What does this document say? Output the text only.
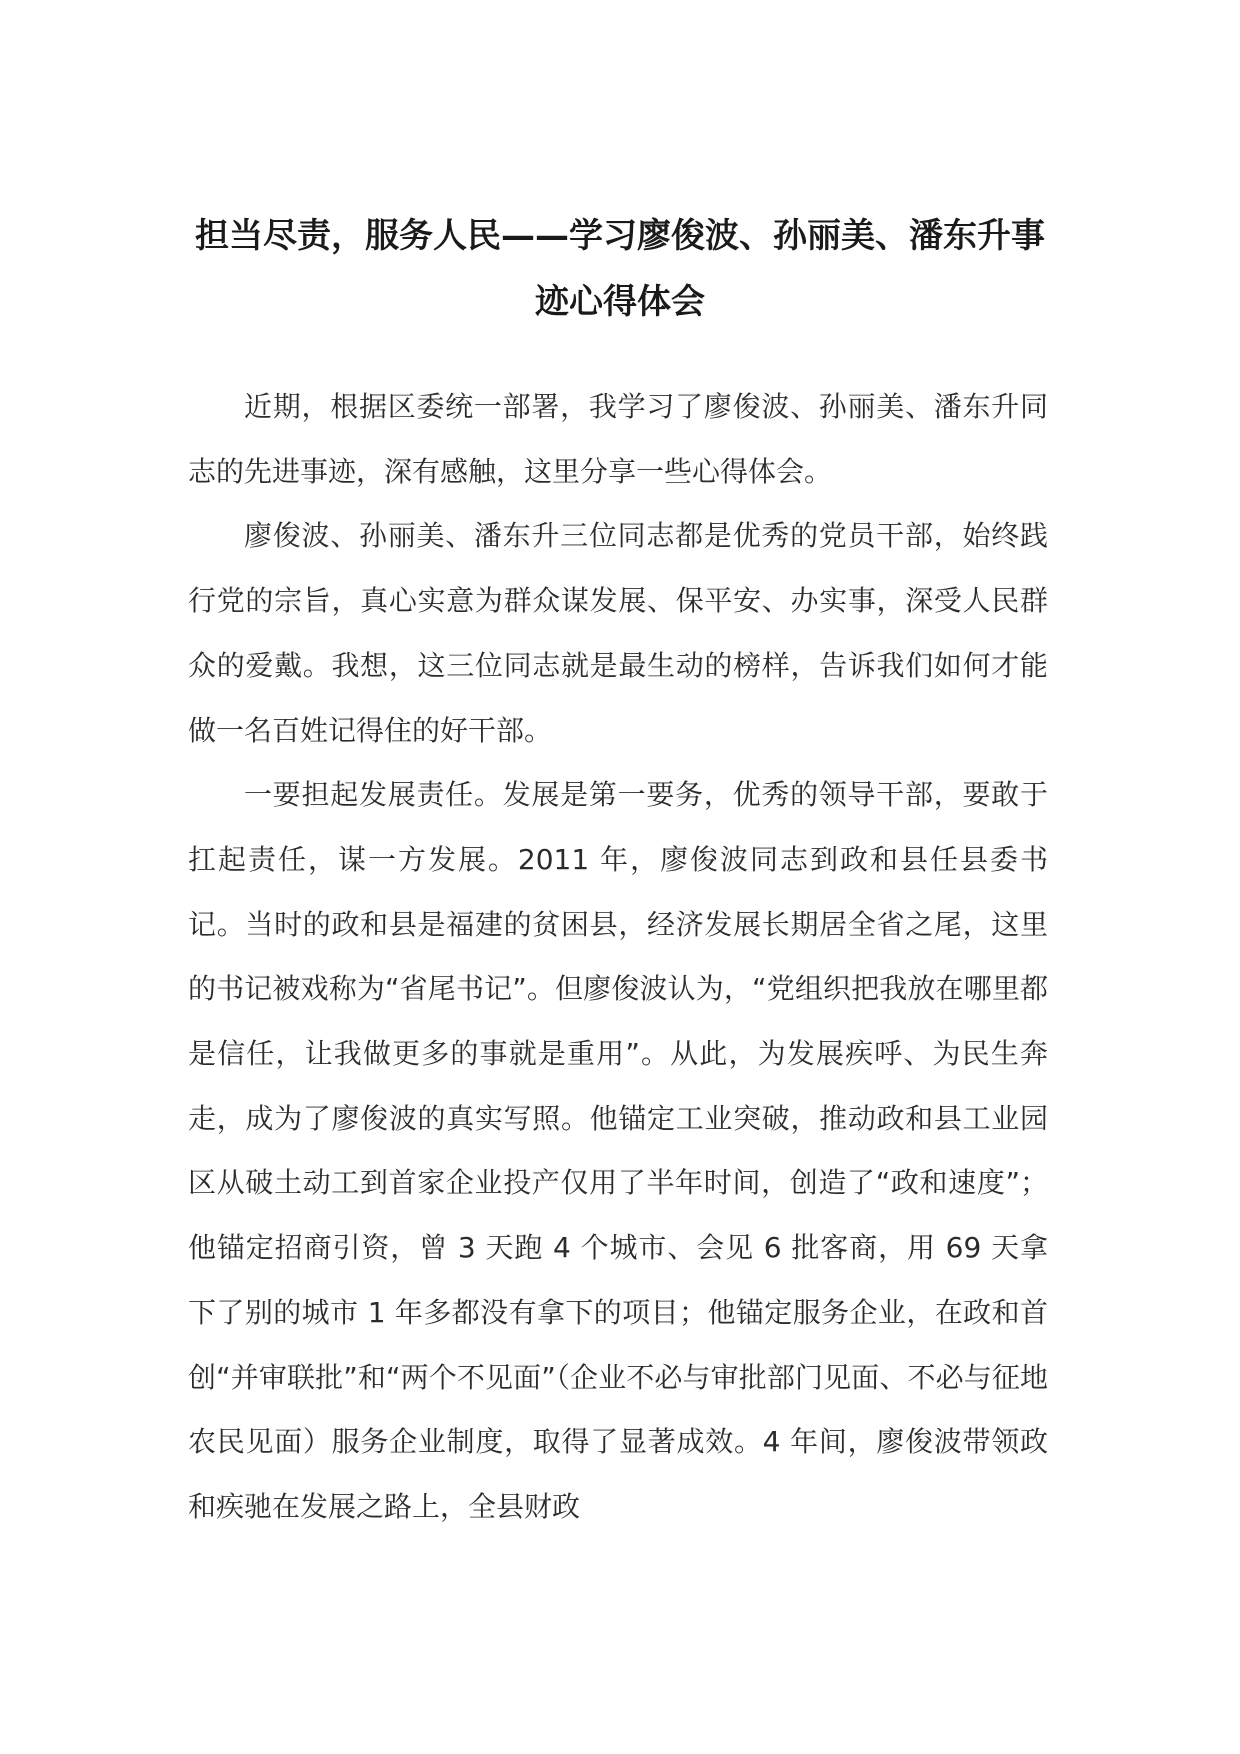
担当尽责，服务人民——学习廖俊波、孙丽美、潘东升事迹心得体会

近期，根据区委统一部署，我学习了廖俊波、孙丽美、潘东升同志的先进事迹，深有感触，这里分享一些心得体会。

廖俊波、孙丽美、潘东升三位同志都是优秀的党员干部，始终践行党的宗旨，真心实意为群众谋发展、保平安、办实事，深受人民群众的爱戴。我想，这三位同志就是最生动的榜样，告诉我们如何才能做一名百姓记得住的好干部。

一要担起发展责任。发展是第一要务，优秀的领导干部，要敢于扛起责任，谋一方发展。2011 年，廖俊波同志到政和县任县委书记。当时的政和县是福建的贫困县，经济发展长期居全省之尾，这里的书记被戏称为“省尾书记”。但廖俊波认为，“党组织把我放在哪里都是信任，让我做更多的事就是重用”。从此，为发展疾呼、为民生奔走，成为了廖俊波的真实写照。他锚定工业突破，推动政和县工业园区从破土动工到首家企业投产仅用了半年时间，创造了“政和速度”；他锚定招商引资，曾 3 天跑 4 个城市、会见 6 批客商，用 69 天拿下了别的城市 1 年多都没有拿下的项目；他锚定服务企业，在政和首创“并审联批”和“两个不见面”（企业不必与审批部门见面、不必与征地农民见面）服务企业制度，取得了显著成效。4 年间，廖俊波带领政和疾驰在发展之路上，全县财政
